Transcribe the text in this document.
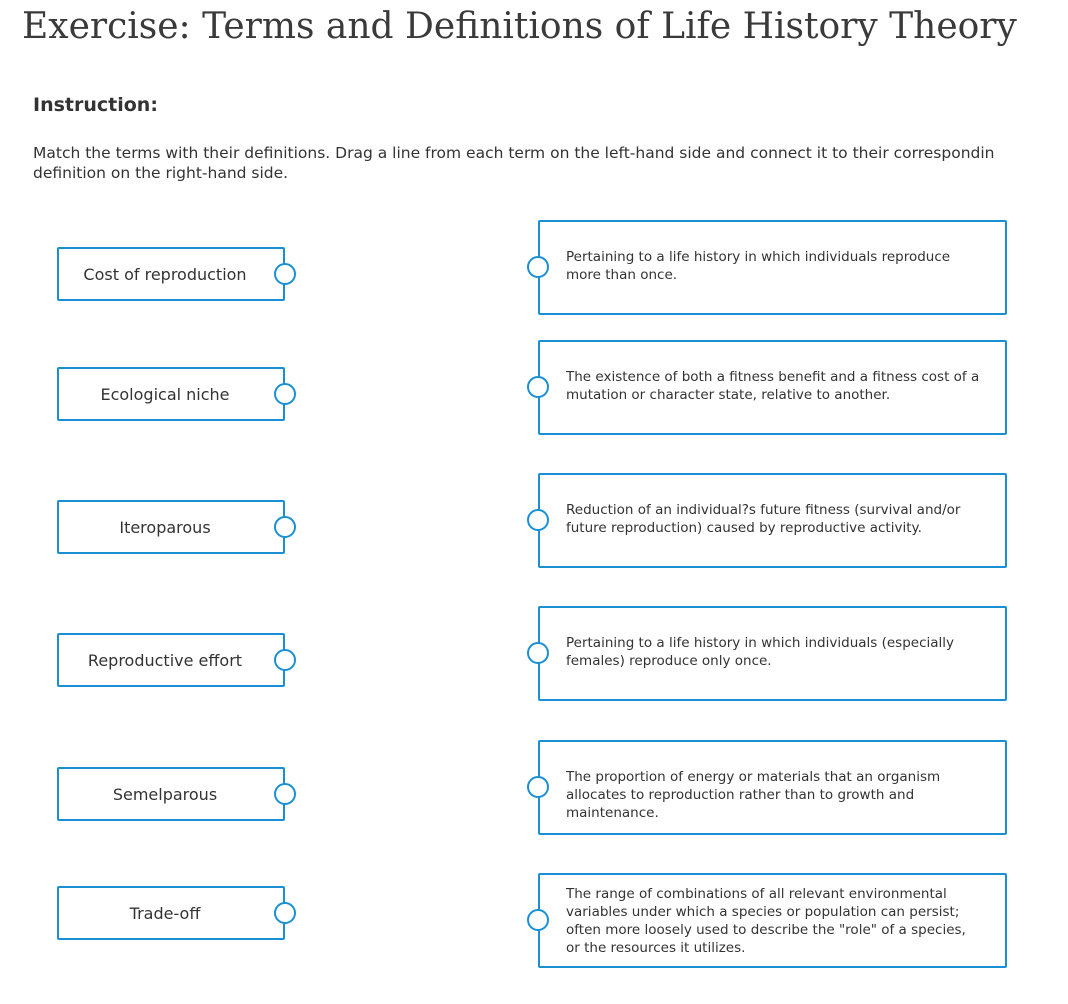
Exercise: Terms and Definitions of Life History Theory
Instruction:

Match the terms with their definitions. Drag a line from each term on the left-hand side and connect it to their correspondin
definition on the right-hand side.

Cost of reproduction
Ecological niche
Iteroparous
Reproductive effort
Semelparous
Trade-off
Pertaining to a life history in which individuals reproduce
more than once.
The existence of both a fitness benefit and a fitness cost of a
mutation or character state, relative to another.
Reduction of an individual?s future fitness (survival and/or
future reproduction) caused by reproductive activity.
Pertaining to a life history in which individuals (especially
females) reproduce only once.
The proportion of energy or materials that an organism
allocates to reproduction rather than to growth and
maintenance.
The range of combinations of all relevant environmental
variables under which a species or population can persist;
often more loosely used to describe the "role" of a species,
or the resources it utilizes.
